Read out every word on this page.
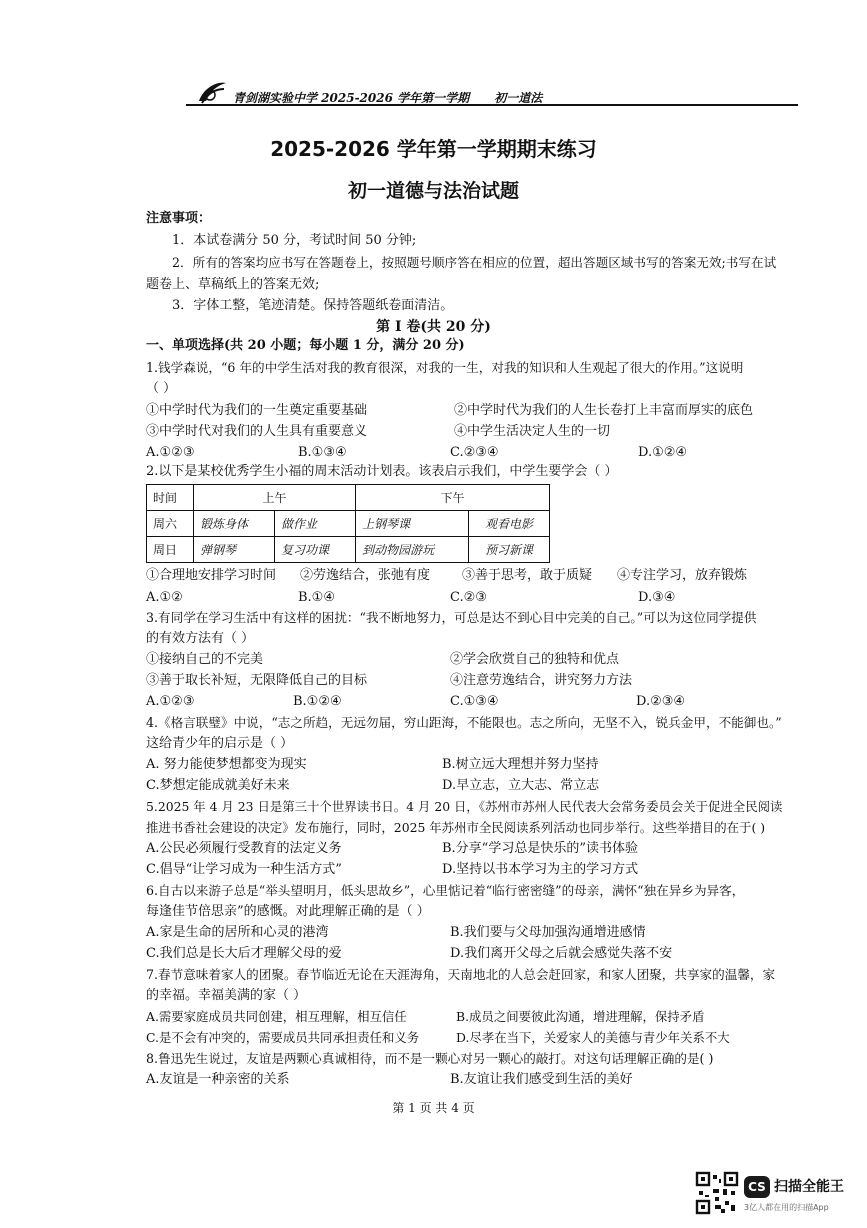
青剑湖实验中学 2025-2026 学年第一学期 初一道法
2025-2026 学年第一学期期末练习
初一道德与法治试题
注意事项：
1．本试卷满分 50 分，考试时间 50 分钟;
2．所有的答案均应书写在答题卷上，按照题号顺序答在相应的位置，超出答题区域书写的答案无效;书写在试
题卷上、草稿纸上的答案无效;
3．字体工整，笔迹清楚。保持答题纸卷面清洁。
第 I 卷(共 20 分)
一、单项选择(共 20 小题；每小题 1 分，满分 20 分)
1.钱学森说，“6 年的中学生活对我的教育很深，对我的一生，对我的知识和人生观起了很大的作用。”这说明
（ ）
①中学时代为我们的一生奠定重要基础	②中学时代为我们的人生长卷打上丰富而厚实的底色
③中学时代对我们的人生具有重要意义	④中学生活决定人生的一切
A.①②③	B.①③④	C.②③④	D.①②④
2.以下是某校优秀学生小福的周末活动计划表。该表启示我们，中学生要学会（ ）
时间	上午		下午	
周六	锻炼身体	做作业	上钢琴课	观看电影
周日	弹钢琴	复习功课	到动物园游玩	预习新课
①合理地安排学习时间 ②劳逸结合，张弛有度 ③善于思考，敢于质疑 ④专注学习，放弃锻炼
A.①②	B.①④	C.②③	D.③④
3.有同学在学习生活中有这样的困扰：“我不断地努力，可总是达不到心目中完美的自己。”可以为这位同学提供
的有效方法有（ ）
①接纳自己的不完美	②学会欣赏自己的独特和优点
③善于取长补短，无限降低自己的目标	④注意劳逸结合，讲究努力方法
A.①②③	B.①②④	C.①③④	D.②③④
4.《格言联璧》中说，“志之所趋，无远勿届，穷山距海，不能限也。志之所向，无坚不入，锐兵金甲，不能御也。”
这给青少年的启示是（ ）
A. 努力能使梦想都变为现实	B.树立远大理想并努力坚持
C.梦想定能成就美好未来	D.早立志，立大志、常立志
5.2025 年 4 月 23 日是第三十个世界读书日。4 月 20 日，《苏州市苏州人民代表大会常务委员会关于促进全民阅读
推进书香社会建设的决定》发布施行，同时，2025 年苏州市全民阅读系列活动也同步举行。这些举措目的在于( )
A.公民必须履行受教育的法定义务	B.分享“学习总是快乐的”读书体验
C.倡导“让学习成为一种生活方式”	D.坚持以书本学习为主的学习方式
6.自古以来游子总是“举头望明月，低头思故乡”，心里惦记着“临行密密缝”的母亲，满怀“独在异乡为异客，
每逢佳节倍思亲”的感慨。对此理解正确的是（ ）
A.家是生命的居所和心灵的港湾	B.我们要与父母加强沟通增进感情
C.我们总是长大后才理解父母的爱	D.我们离开父母之后就会感觉失落不安
7.春节意味着家人的团聚。春节临近无论在天涯海角，天南地北的人总会赶回家，和家人团聚，共享家的温馨，家
的幸福。幸福美满的家（ ）
A.需要家庭成员共同创建，相互理解，相互信任	B.成员之间要彼此沟通，增进理解，保持矛盾
C.是不会有冲突的，需要成员共同承担责任和义务	D.尽孝在当下，关爱家人的美德与青少年关系不大
8.鲁迅先生说过，友谊是两颗心真诚相待，而不是一颗心对另一颗心的敲打。对这句话理解正确的是( )
A.友谊是一种亲密的关系	B.友谊让我们感受到生活的美好
第 1 页 共 4 页
CS 扫描全能王
3亿人都在用的扫描App
